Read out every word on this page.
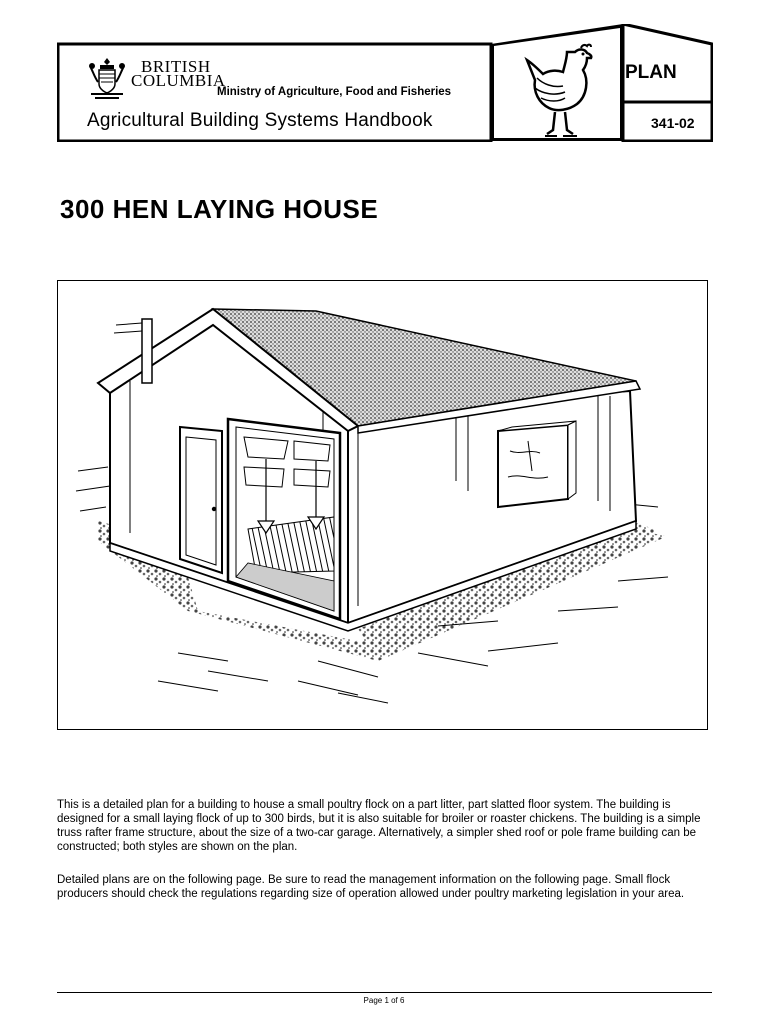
BRITISH
COLUMBIA
Ministry of Agriculture, Food and Fisheries
Agricultural Building Systems Handbook
PLAN
341-02
300 HEN LAYING HOUSE
This is a detailed plan for a building to house a small poultry flock on a part litter, part slatted floor system. The building is designed for a small laying flock of up to 300 birds, but it is also suitable for broiler or roaster chickens. The building is a simple truss rafter frame structure, about the size of a two-car garage. Alternatively, a simpler shed roof or pole frame building can be constructed; both styles are shown on the plan.
Detailed plans are on the following page. Be sure to read the management information on the following page. Small flock producers should check the regulations regarding size of operation allowed under poultry marketing legislation in your area.
Page 1 of 6
